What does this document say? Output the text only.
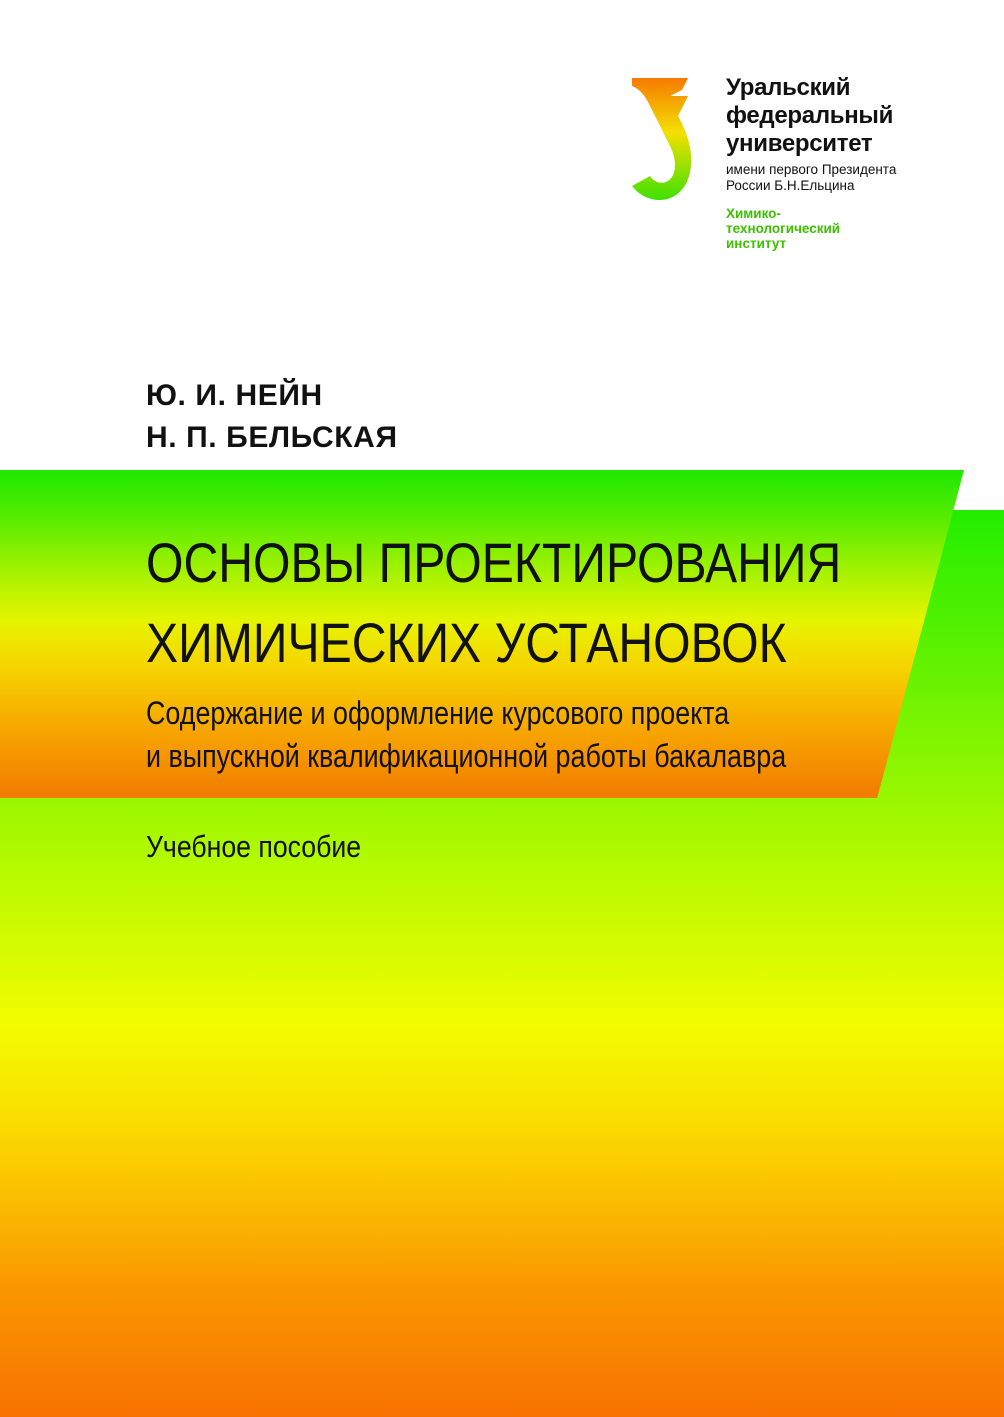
Уральский
федеральный
университет
имени первого Президента
России Б.Н.Ельцина
Химико-
технологический
институт
Ю. И. НЕЙН
Н. П. БЕЛЬСКАЯ
ОСНОВЫ ПРОЕКТИРОВАНИЯ
ХИМИЧЕСКИХ УСТАНОВОК
Содержание и оформление курсового проекта
и выпускной квалификационной работы бакалавра
Учебное пособие
